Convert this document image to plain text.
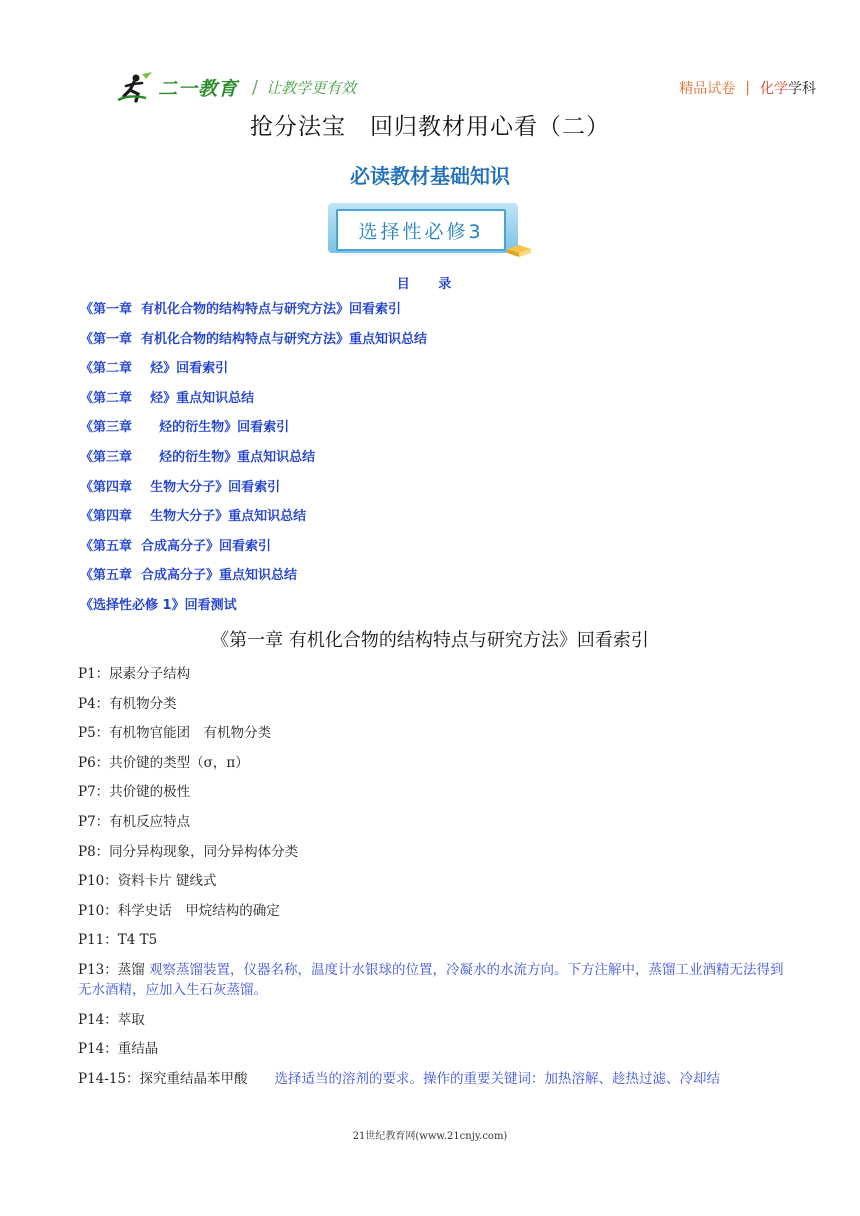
二一教育 / 让教学更有效	精品试卷 | 化学 学科
抢分法宝　回归教材用心看（二）
必读教材基础知识
选择性必修3
目 录
《第一章  有机化合物的结构特点与研究方法》回看索引
《第一章  有机化合物的结构特点与研究方法》重点知识总结
《第二章    烃》回看索引
《第二章    烃》重点知识总结
《第三章      烃的衍生物》回看索引
《第三章      烃的衍生物》重点知识总结
《第四章    生物大分子》回看索引
《第四章    生物大分子》重点知识总结
《第五章  合成高分子》回看索引
《第五章  合成高分子》重点知识总结
《选择性必修 1》回看测试
《第一章 有机化合物的结构特点与研究方法》回看索引
P1：尿素分子结构
P4：有机物分类
P5：有机物官能团　有机物分类
P6：共价键的类型（σ，π）
P7：共价键的极性
P7：有机反应特点
P8：同分异构现象，同分异构体分类
P10：资料卡片 键线式
P10：科学史话　甲烷结构的确定
P11：T4 T5
P13：蒸馏 观察蒸馏装置，仪器名称，温度计水银球的位置，冷凝水的水流方向。下方注解中，蒸馏工业酒精无法得到无水酒精，应加入生石灰蒸馏。
P14：萃取
P14：重结晶
P14-15：探究重结晶苯甲酸　　选择适当的溶剂的要求。操作的重要关键词：加热溶解、趁热过滤、冷却结
21世纪教育网(www.21cnjy.com)
